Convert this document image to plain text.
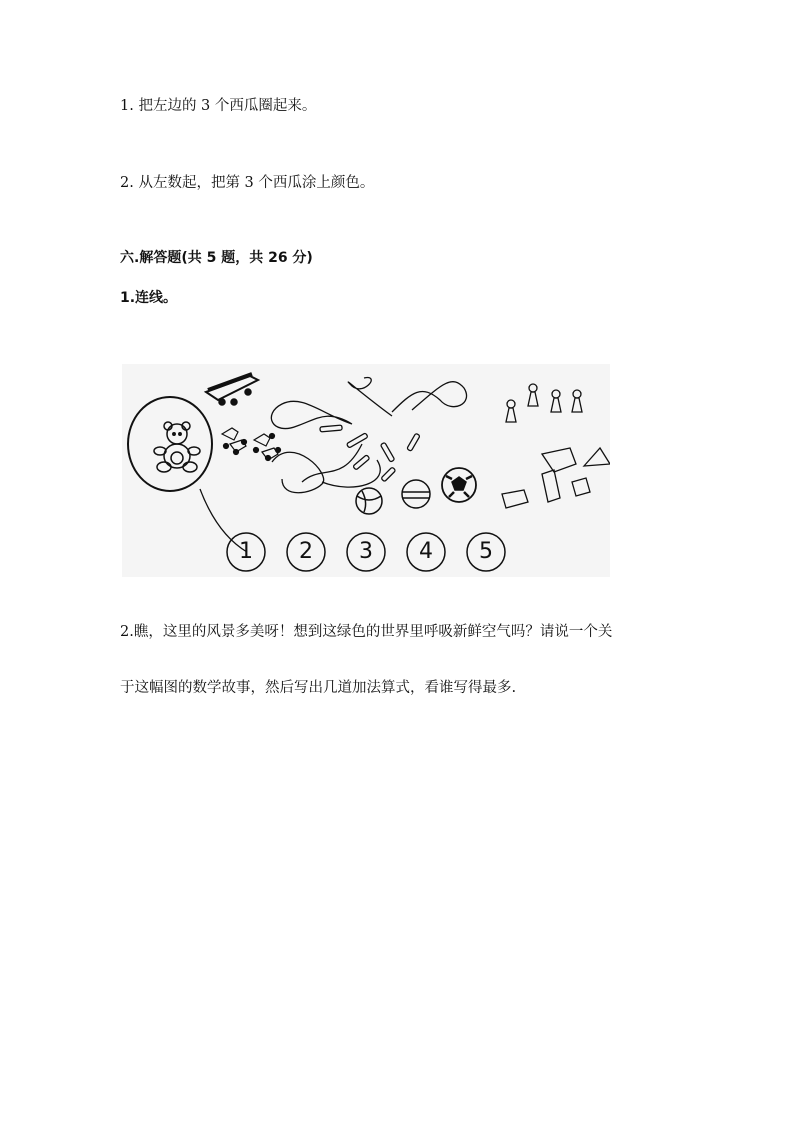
1. 把左边的 3 个西瓜圈起来。
2. 从左数起，把第 3 个西瓜涂上颜色。
六.解答题(共 5 题，共 26 分)
1.连线。
1	2	3	4	5
2.瞧，这里的风景多美呀！想到这绿色的世界里呼吸新鲜空气吗？请说一个关
于这幅图的数学故事，然后写出几道加法算式，看谁写得最多.
